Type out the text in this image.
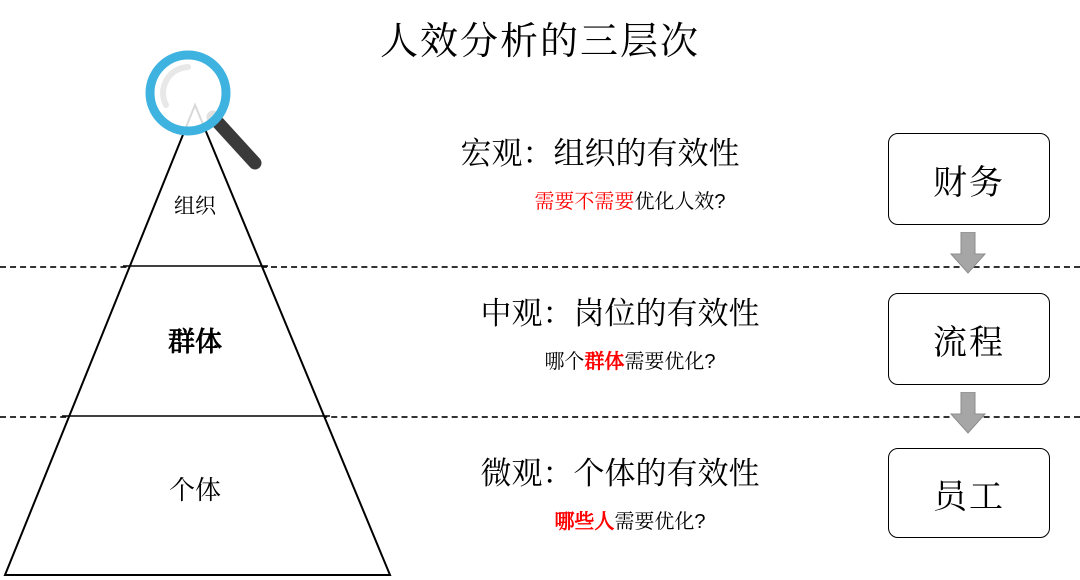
人效分析的三层次
组织
群体
个体
宏观：组织的有效性
需要不需要优化人效?
中观：岗位的有效性
哪个群体需要优化?
微观：个体的有效性
哪些人需要优化?
财务
流程
员工
